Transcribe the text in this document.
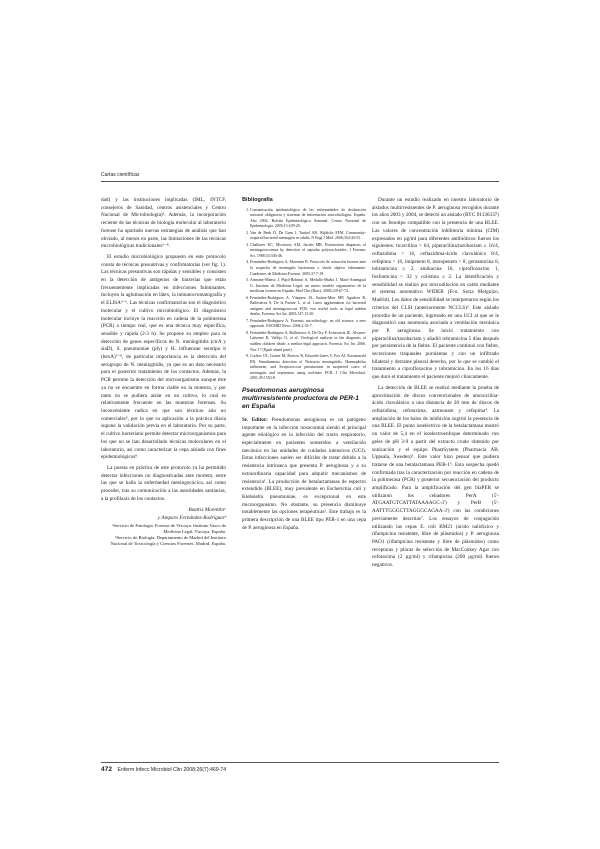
Cartas científicas

dad) y las instituciones implicadas (IML, INTCF, consejeros de Sanidad, centros asistenciales y Centro Nacional de Microbiología)³. Además, la incorporación reciente de las técnicas de biología molecular al laboratorio forense ha aportado nuevas estrategias de análisis que han obviado, al menos en parte, las limitaciones de las técnicas microbiológicas tradicionales⁶⁻⁸.

El estudio microbiológico propuesto en este protocolo consta de técnicas presuntivas y confirmatorias (ver fig. 1). Las técnicas presuntivas son rápidas y sensibles y consisten en la detección de antígenos de bacterias que están frecuentemente implicadas en infecciones fulminantes. Incluyen la aglutinación en látex, la inmunocromatografía y el ELISA³⁻⁶. Las técnicas confirmatorias son el diagnóstico molecular y el cultivo microbiológico. El diagnóstico molecular incluye la reacción en cadena de la polimerasa (PCR) a tiempo real, que es una técnica muy específica, sensible y rápida (2-3 h). Se propone su empleo para la detección de genes específicos de N. meningitidis (ctrA y siaD), S. pneumoniae (ply) y H. influenzae serotipo b (bexA)⁷⁻⁸, de particular importancia es la detección del serogrupo de N. meningitidis, ya que es un dato necesario para el posterior tratamiento de los contactos. Además, la PCR permite la detección del microorganismo aunque éste ya no se encuentre en forma viable en la muestra, y por tanto no se pudiera aislar en un cultivo, lo cual es relativamente frecuente en las muestras forenses. Su inconveniente radica en que son técnicas aún no comerciales⁹, por lo que su aplicación a la práctica diaria supone la validación previa en el laboratorio. Por su parte, el cultivo bacteriano permite detectar microorganismos para los que no se han desarrollado técnicas moleculares en el laboratorio, así como caracterizar la cepa aislada con fines epidemiológicos⁸.

La puesta en práctica de este protocolo ya ha permitido detectar infecciones no diagnosticadas ante mortem, entre las que se halla la enfermedad meningocócica, así como proceder, tras su comunicación a las autoridades sanitarias, a la profilaxis de los contactos.

Beatriz Morentinᵃ
y Amparo Fernández-Rodríguezᵇ
ᵃServicio de Patología. Forense de Vizcaya. Instituto Vasco de Medicina Legal. Vizcaya. España.
ᵇServicio de Biología. Departamento de Madrid del Instituto Nacional de Toxicología y Ciencias Forenses. Madrid. España.
Bibliografía
1. Comunicación epidemiológica de las enfermedades de declaración nacional obligatoria y sistemas de información microbiológica. España. Año 2004. Boletín Epidemiológico Semanal. Centro Nacional de Epidemiología. 2005;13:109-20.
2. Van de Beek D, De Gans J, Tunkel AR, Wijdicks EFM. Community-acquired bacterial meningitis in adults. N Engl J Med. 2006;354:44-53.
3. Challoner KC, Morrissey AM, Jacobs MB. Postmortem diagnosis of meningococcemia by detection of capsular polysaccharides. J Forensic Sci. 1988;33:336-46.
4. Fernández-Rodríguez A, Morentin B. Protocolo de actuación forense ante la sospecha de meningitis bacteriana y shock séptico fulminante. Cuadernos de Medicina Forense. 2005;37:7-19.
5. Arimany-Manso J, Pujol-Robinat A, Medallo-Muñiz J, Martí-Amengual G. Instituto de Medicina Legal: un nuevo modelo organizativo de la medicina forense en España. Med Clin (Barc). 2008;129:67-74.
6. Fernández-Rodríguez A, Vázquez JA, Suárez-Mier MP, Aguilera B, Ballesteros S, De la Fuente L, et al. Latex agglutination for bacterial antigens and meningococcus PCR: two useful tools in legal sudden deaths. Forensic Sci Int. 2005;147:13-20.
7. Fernández-Rodríguez A. Forensic microbiology: an old science, a new approach. ESCMID News. 2004;2:35-7.
8. Fernández-Rodríguez A, Ballesteros S, De Ory F, Echevarría JE, Álvarez-Lafuente R, Vallejo G, et al. Virological analysis in the diagnosis of sudden children death: a medico-legal approach. Forensic Sci Int. 2006. Nov 17 (Epub ahead print).
9. Corless CE, Guiver M, Borrow R, Edwards-Jones V, Fox AJ, Kaczmarski EB. Simultaneous detection of Neisseria meningitidis, Haemophilus influenzae, and Streptococcus pneumoniae in suspected cases of meningitis and septicemia using real-time PCR. J Clin Microbiol. 2001;39:1553-8.
Pseudomonas aeruginosa multirresistente productora de PER-1 en España

Sr. Editor: Pseudomonas aeruginosa es un patógeno importante en la infección nosocomial siendo el principal agente etiológico en la infección del tracto respiratorio, especialmente en pacientes sometidos a ventilación mecánica en las unidades de cuidados intensivos (UCI). Estas infecciones suelen ser difíciles de tratar debido a la resistencia intrínseca que presenta P. aeruginosa y a su extraordinaria capacidad para adquirir mecanismos de resistencia¹. La producción de betalactamasas de espectro extendido (BLEE), muy prevalente en Escherichia coli y Klebsiella pneumoniae, es excepcional en este microorganismo. No obstante, su presencia disminuye notablemente las opciones terapéuticas². Este trabajo es la primera descripción de una BLEE tipo PER-1 en una cepa de P. aeruginosa en España.

Durante un estudio realizado en nuestro laboratorio de aislados multirresistentes de P. aeruginosa recogidos durante los años 2003 y 2004, se detectó un aislado (RYC 01136337) con un fenotipo compatible con la presencia de una BLEE. Las valores de concentración inhibitoria mínima (CIM) expresados en µg/ml para diferentes antibióticos fueron los siguientes: ticarcilina > 64, piperacilina/tazobactam ≤ 16/4, ceftazidima > 16, ceftazidima-ácido clavulánico 8/4, cefepima > 16, imipenem 8, meropenem > 8, gentamicina 8, tobramicina ≤ 2, amikacina 16, ciprofloxacino 1, fosfomicina > 32 y colistina ≤ 2. La identificación y sensibilidad se realizó por microdilución en caldo mediante el sistema automático WIDER (Fco. Soria Melguizo, Madrid). Los datos de sensibilidad se interpretaron según los criterios del CLSI (anteriormente NCCLS)³. Este aislado procedía de un paciente, ingresado en una UCI al que se le diagnosticó una neumonía asociada a ventilación mecánica por P. aeruginosa. Se inició tratamiento con piperacilina/tazobactam y añadió tobramicina 5 días después por persistencia de la fiebre. El paciente continuó con fiebre, secreciones traqueales purulentas y con un infiltrado bilateral y derrame pleural derecho, por lo que se cambió el tratamiento a ciprofloxacino y tobramicina. En los 16 días que duró el tratamiento el paciente mejoró clínicamente.

La detección de BLEE se realizó mediante la prueba de aproximación de discos convencionales de amoxicilina-ácido clavulánico a una distancia de 20 mm de discos de ceftazidima, cefotaxima, aztreonam y cefepima⁴. La ampliación de los halos de inhibición sugirió la presencia de una BLEE. El punto isoeléctrico de la betalactamasa mostró un valor de 5,4 en el isoelectroenfoque determinado con geles de pH 3-9 a partir del extracto crudo obtenido por sonicación y el equipo PhastSystem (Pharmacia AB, Uppsala, Sweden)⁵. Este valor hizo pensar que pudiera tratarse de una betalactamasa PER-1⁶. Esta sospecha quedó confirmada tras la caracterización por reacción en cadena de la polimerasa (PCR) y posterior secuenciación del producto amplificado. Para la amplificación del gen blaPER se utilizaron los cebadores PerA (5'-ATGAATGTCATTATAAAAGC-3') y PerB (5'-AATTTGGGCTTAGGGCAGAA-3') con las condiciones previamente descritas⁷. Los ensayos de conjugación utilizando las cepas E. coli BM21 (ácido nalidíxico y rifampicina resistente, libre de plásmidos) y P. aeruginosa PAO1 (rifampicina resistente y libre de plásmidos) como receptoras y placas de selección de MacConkey Agar con cefotaxima (2 µg/ml) y rifampicina (200 µg/ml) fueron negativos.

472 Enferm Infecc Microbiol Clin 2008;26(7):469-74
